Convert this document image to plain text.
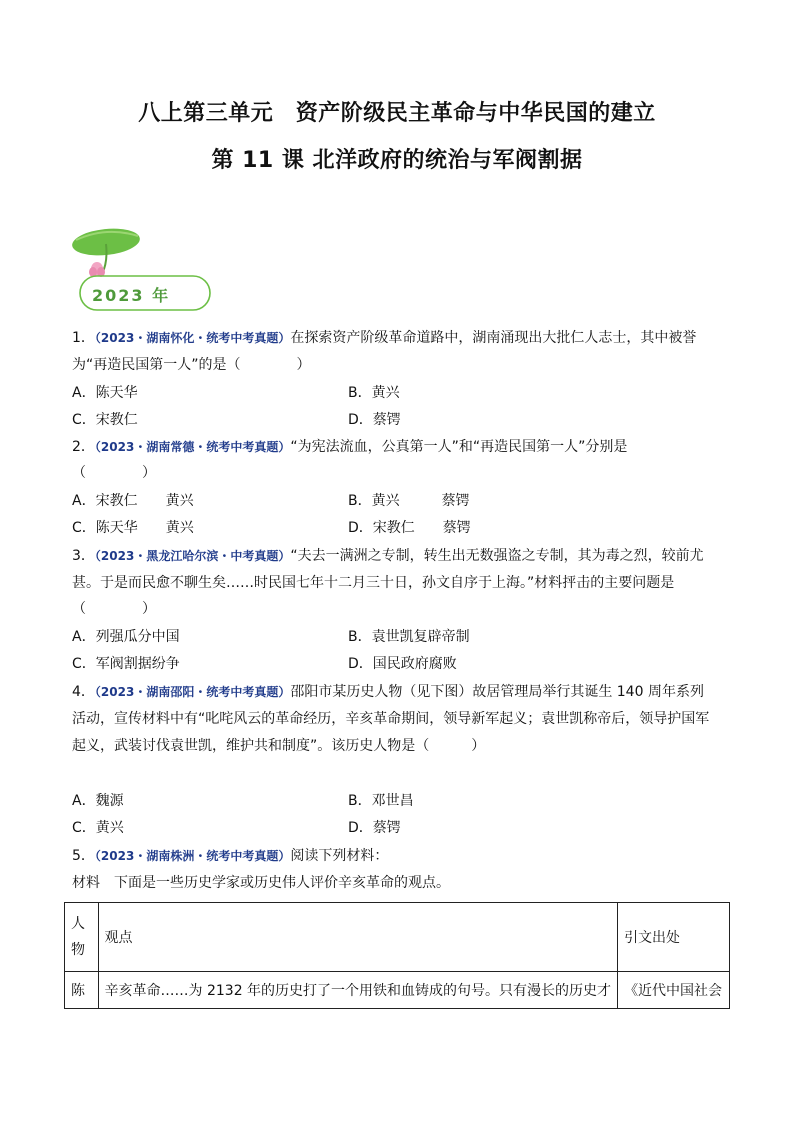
八上第三单元　资产阶级民主革命与中华民国的建立
第 11 课 北洋政府的统治与军阀割据
2023 年
1．（2023・湖南怀化・统考中考真题）在探索资产阶级革命道路中，湖南涌现出大批仁人志士，其中被誉
为“再造民国第一人”的是（　　　　）
A．陈天华	B．黄兴
C．宋教仁	D．蔡锷
2．（2023・湖南常德・统考中考真题）“为宪法流血，公真第一人”和“再造民国第一人”分别是
（　　　　）
A．宋教仁　　黄兴	B．黄兴　　　蔡锷
C．陈天华　　黄兴	D．宋教仁　　蔡锷
3．（2023・黑龙江哈尔滨・中考真题）“夫去一满洲之专制，转生出无数强盗之专制，其为毒之烈，较前尤
甚。于是而民愈不聊生矣……时民国七年十二月三十日，孙文自序于上海。”材料抨击的主要问题是
（　　　　）
A．列强瓜分中国	B．袁世凯复辟帝制
C．军阀割据纷争	D．国民政府腐败
4．（2023・湖南邵阳・统考中考真题）邵阳市某历史人物（见下图）故居管理局举行其诞生 140 周年系列
活动，宣传材料中有“叱咤风云的革命经历，辛亥革命期间，领导新军起义；袁世凯称帝后，领导护国军
起义，武装讨伐袁世凯，维护共和制度”。该历史人物是（　　　）
A．魏源	B．邓世昌
C．黄兴	D．蔡锷
5．（2023・湖南株洲・统考中考真题）阅读下列材料：
材料　下面是一些历史学家或历史伟人评价辛亥革命的观点。
人物	观点	引文出处
陈	辛亥革命……为 2132 年的历史打了一个用铁和血铸成的句号。只有漫长的历史才	《近代中国社会
